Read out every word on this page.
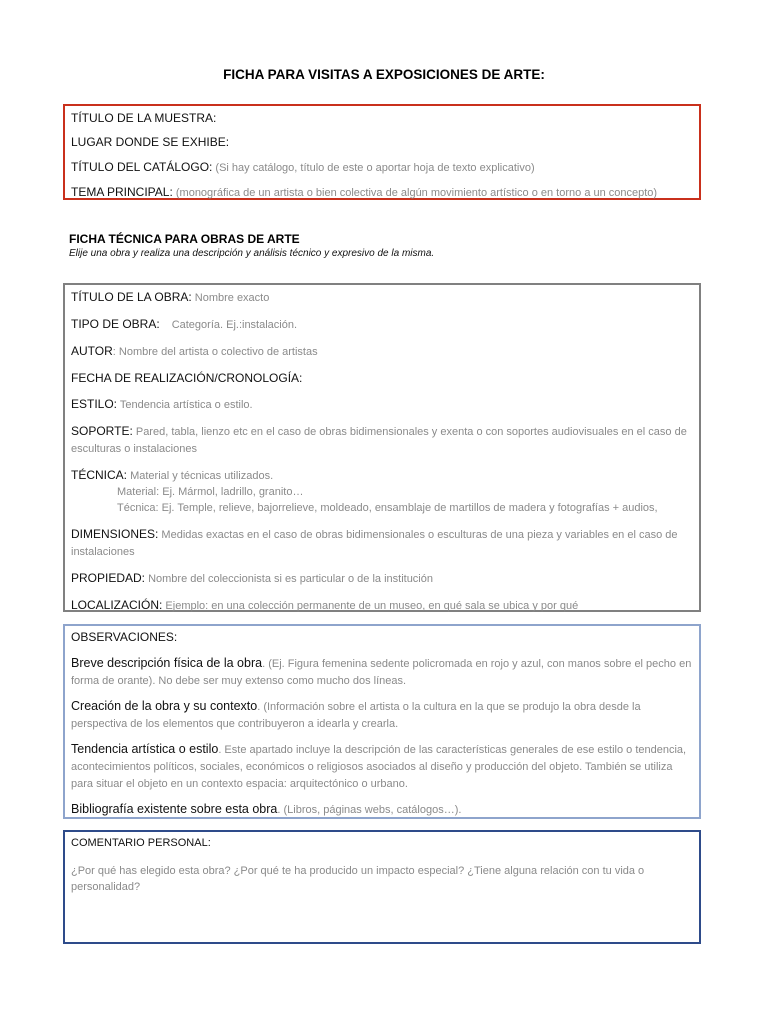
FICHA PARA VISITAS A EXPOSICIONES DE ARTE:
TÍTULO DE LA MUESTRA:
LUGAR DONDE SE EXHIBE:
TÍTULO DEL CATÁLOGO: (Si hay catálogo, título de este o aportar hoja de texto explicativo)
TEMA PRINCIPAL: (monográfica de un artista o bien colectiva de algún movimiento artístico o en torno a un concepto)
FICHA TÉCNICA PARA OBRAS DE ARTE
Elije una obra y realiza una descripción y análisis técnico y expresivo de la misma.
TÍTULO DE LA OBRA: Nombre exacto
TIPO DE OBRA: Categoría. Ej.:instalación.
AUTOR: Nombre del artista o colectivo de artistas
FECHA DE REALIZACIÓN/CRONOLOGÍA:
ESTILO: Tendencia artística o estilo.
SOPORTE: Pared, tabla, lienzo etc en el caso de obras bidimensionales y exenta o con soportes audiovisuales en el caso de esculturas o instalaciones
TÉCNICA: Material y técnicas utilizados.
Material: Ej. Mármol, ladrillo, granito…
Técnica: Ej. Temple, relieve, bajorrelieve, moldeado, ensamblaje de martillos de madera y fotografías + audios,
DIMENSIONES: Medidas exactas en el caso de obras bidimensionales o esculturas de una pieza y variables en el caso de instalaciones
PROPIEDAD: Nombre del coleccionista si es particular o de la institución
LOCALIZACIÓN: Ejemplo: en una colección permanente de un museo, en qué sala se ubica y por qué
OBSERVACIONES:
Breve descripción física de la obra. (Ej. Figura femenina sedente policromada en rojo y azul, con manos sobre el pecho en forma de orante). No debe ser muy extenso como mucho dos líneas.
Creación de la obra y su contexto. (Información sobre el artista o la cultura en la que se produjo la obra desde la perspectiva de los elementos que contribuyeron a idearla y crearla.
Tendencia artística o estilo. Este apartado incluye la descripción de las características generales de ese estilo o tendencia, acontecimientos políticos, sociales, económicos o religiosos asociados al diseño y producción del objeto. También se utiliza para situar el objeto en un contexto espacia: arquitectónico o urbano.
Bibliografía existente sobre esta obra. (Libros, páginas webs, catálogos…).
COMENTARIO PERSONAL:
¿Por qué has elegido esta obra? ¿Por qué te ha producido un impacto especial? ¿Tiene alguna relación con tu vida o personalidad?
